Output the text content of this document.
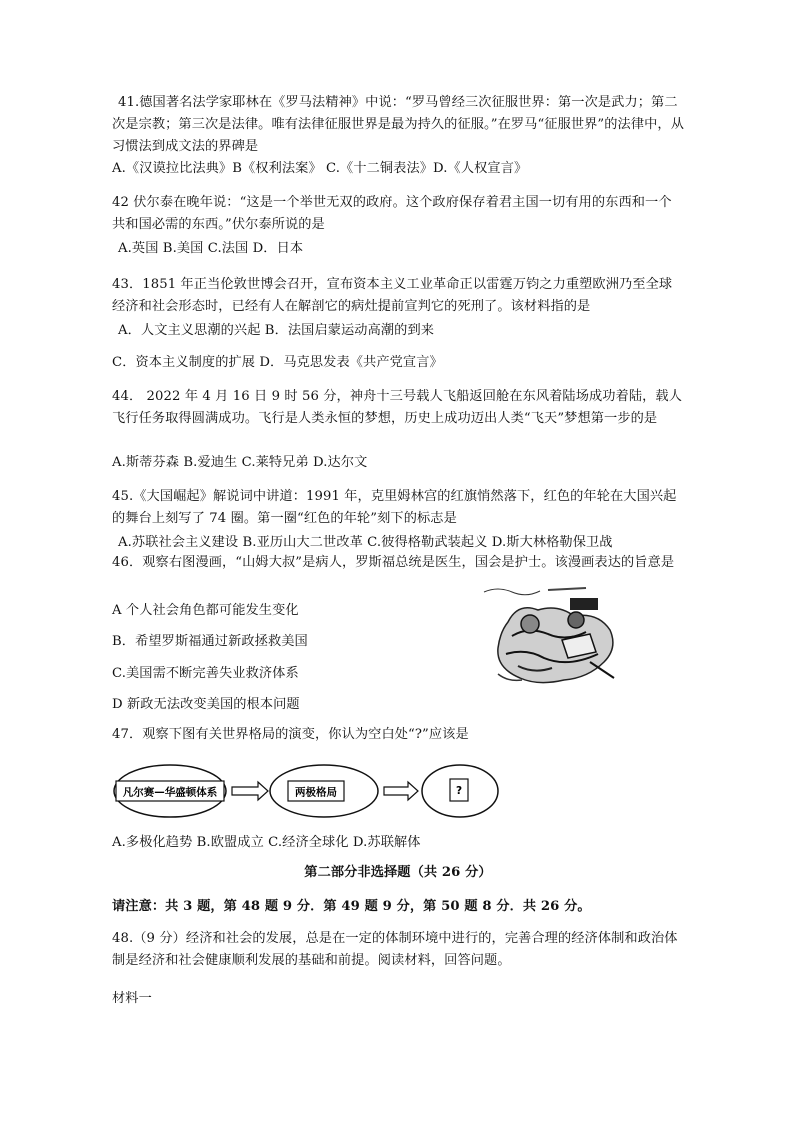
41.德国著名法学家耶林在《罗马法精神》中说：“罗马曾经三次征服世界：第一次是武力；第二次是宗教；第三次是法律。唯有法律征服世界是最为持久的征服。”在罗马“征服世界”的法律中，从习惯法到成文法的界碑是

A.《汉谟拉比法典》B《权利法案》 C.《十二铜表法》D.《人权宣言》

42 伏尔泰在晚年说：“这是一个举世无双的政府。这个政府保存着君主国一切有用的东西和一个共和国必需的东西。”伏尔泰所说的是

A.英国 B.美国 C.法国 D．日本

43．1851 年正当伦敦世博会召开，宣布资本主义工业革命正以雷霆万钧之力重塑欧洲乃至全球经济和社会形态时，已经有人在解剖它的病灶提前宣判它的死刑了。该材料指的是

A．人文主义思潮的兴起 B．法国启蒙运动高潮的到来

C．资本主义制度的扩展 D．马克思发表《共产党宣言》

44． 2022 年 4 月 16 日 9 时 56 分，神舟十三号载人飞船返回舱在东风着陆场成功着陆，载人飞行任务取得圆满成功。飞行是人类永恒的梦想，历史上成功迈出人类“飞天”梦想第一步的是

A.斯蒂芬森 B.爱迪生 C.莱特兄弟 D.达尔文

45.《大国崛起》解说词中讲道：1991 年，克里姆林宫的红旗悄然落下，红色的年轮在大国兴起的舞台上刻写了 74 圈。第一圈“红色的年轮”刻下的标志是

A.苏联社会主义建设 B.亚历山大二世改革 C.彼得格勒武装起义 D.斯大林格勒保卫战

46．观察右图漫画，“山姆大叔”是病人，罗斯福总统是医生，国会是护士。该漫画表达的旨意是

A 个人社会角色都可能发生变化

B．希望罗斯福通过新政拯救美国

C.美国需不断完善失业救济体系

D 新政无法改变美国的根本问题

47．观察下图有关世界格局的演变，你认为空白处“?”应该是

凡尔赛—华盛顿体系	两极格局	?

A.多极化趋势 B.欧盟成立 C.经济全球化 D.苏联解体

第二部分非选择题（共 26 分）

请注意：共 3 题，第 48 题 9 分．第 49 题 9 分，第 50 题 8 分．共 26 分。

48.（9 分）经济和社会的发展，总是在一定的体制环境中进行的，完善合理的经济体制和政治体制是经济和社会健康顺利发展的基础和前提。阅读材料，回答问题。

材料一
